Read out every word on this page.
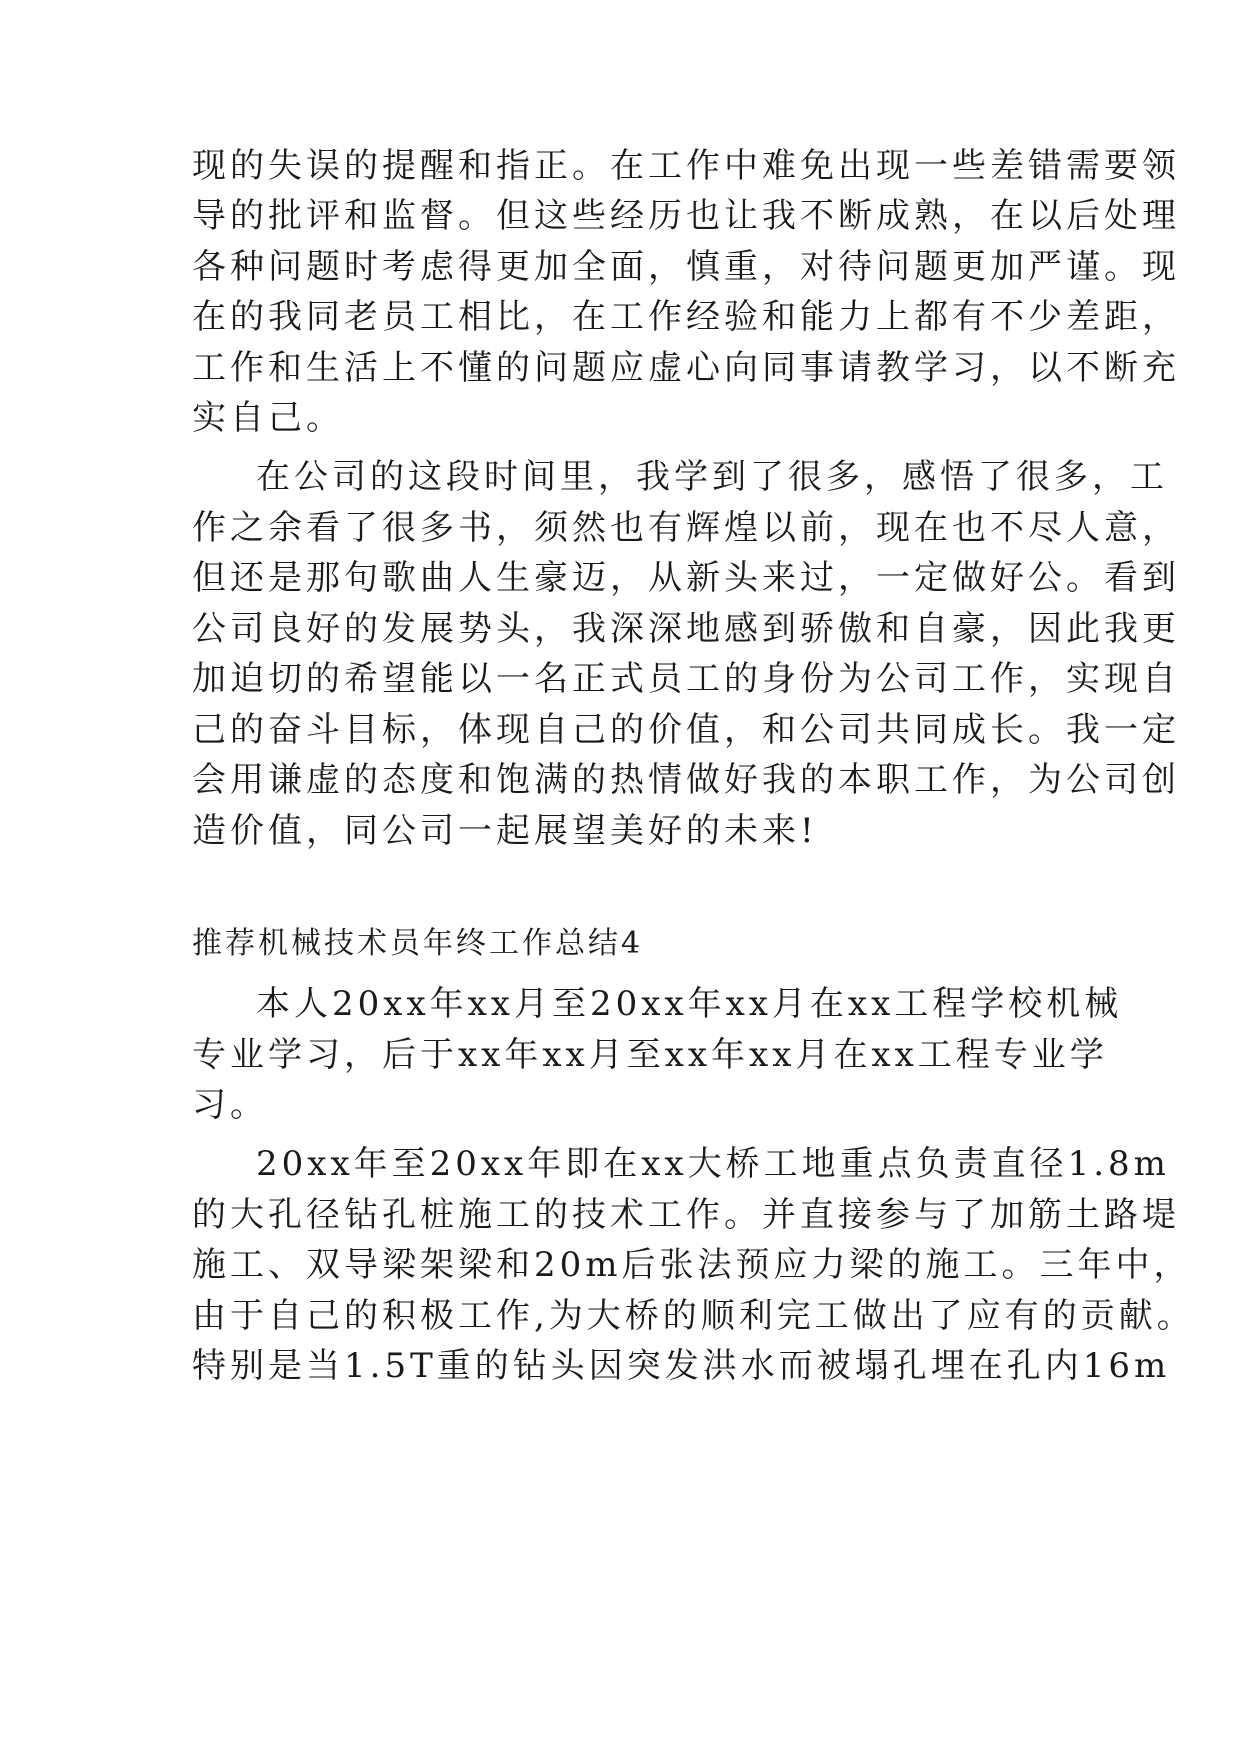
现的失误的提醒和指正。在工作中难免出现一些差错需要领
导的批评和监督。但这些经历也让我不断成熟，在以后处理
各种问题时考虑得更加全面，慎重，对待问题更加严谨。现
在的我同老员工相比，在工作经验和能力上都有不少差距，
工作和生活上不懂的问题应虚心向同事请教学习，以不断充
实自己。
在公司的这段时间里，我学到了很多，感悟了很多，工
作之余看了很多书，须然也有辉煌以前，现在也不尽人意，
但还是那句歌曲人生豪迈，从新头来过，一定做好公。看到
公司良好的发展势头，我深深地感到骄傲和自豪，因此我更
加迫切的希望能以一名正式员工的身份为公司工作，实现自
己的奋斗目标，体现自己的价值，和公司共同成长。我一定
会用谦虚的态度和饱满的热情做好我的本职工作，为公司创
造价值，同公司一起展望美好的未来!
推荐机械技术员年终工作总结4
本人20xx年xx月至20xx年xx月在xx工程学校机械
专业学习，后于xx年xx月至xx年xx月在xx工程专业学
习。
20xx年至20xx年即在xx大桥工地重点负责直径1.8m
的大孔径钻孔桩施工的技术工作。并直接参与了加筋土路堤
施工、双导梁架梁和20m后张法预应力梁的施工。三年中，
由于自己的积极工作,为大桥的顺利完工做出了应有的贡献。
特别是当1.5T重的钻头因突发洪水而被塌孔埋在孔内16m
